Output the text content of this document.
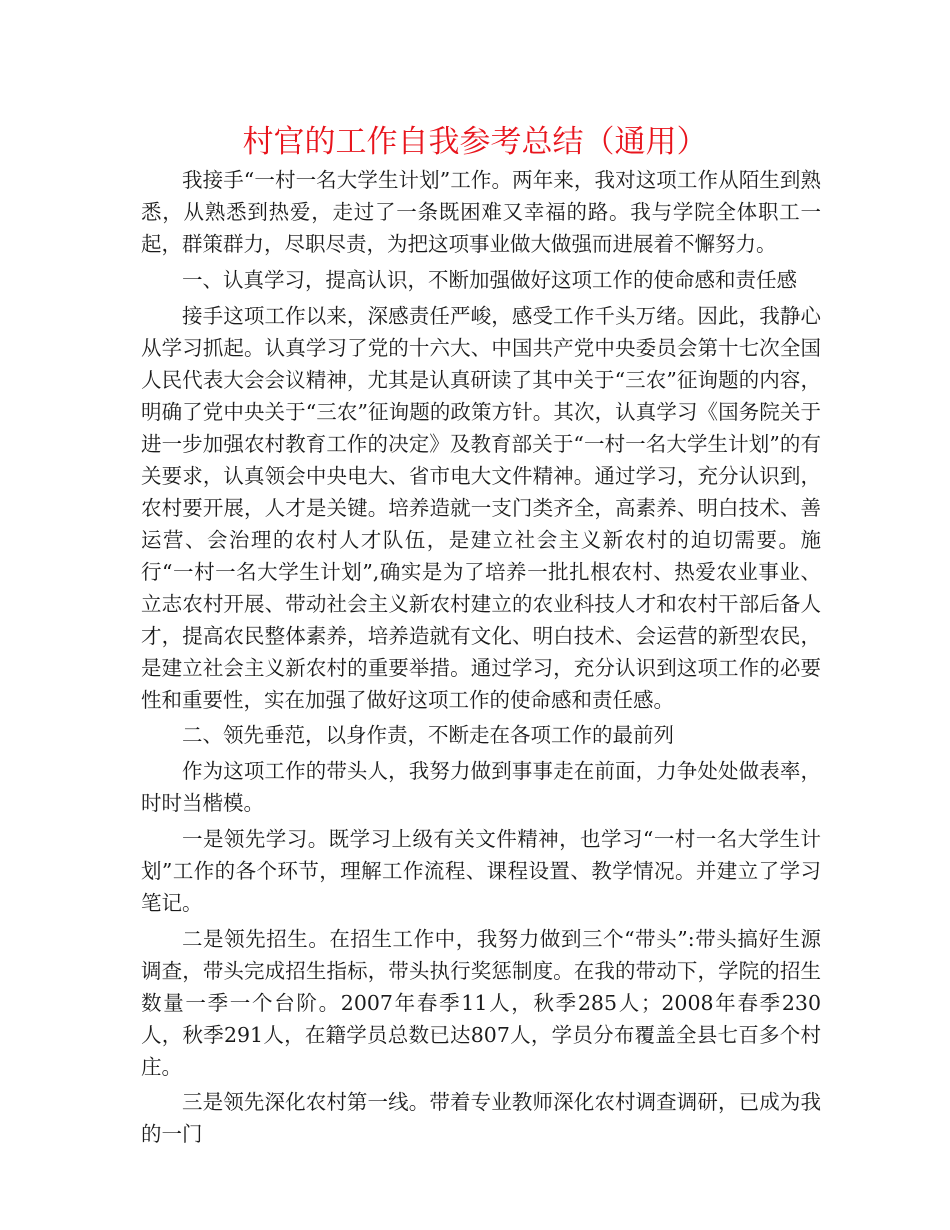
村官的工作自我参考总结（通用）

我接手“一村一名大学生计划”工作。两年来，我对这项工作从陌生到熟悉，从熟悉到热爱，走过了一条既困难又幸福的路。我与学院全体职工一起，群策群力，尽职尽责，为把这项事业做大做强而进展着不懈努力。

一、认真学习，提高认识，不断加强做好这项工作的使命感和责任感

接手这项工作以来，深感责任严峻，感受工作千头万绪。因此，我静心从学习抓起。认真学习了党的十六大、中国共产党中央委员会第十七次全国人民代表大会会议精神，尤其是认真研读了其中关于“三农”征询题的内容，明确了党中央关于“三农”征询题的政策方针。其次，认真学习《国务院关于进一步加强农村教育工作的决定》及教育部关于“一村一名大学生计划”的有关要求，认真领会中央电大、省市电大文件精神。通过学习，充分认识到，农村要开展，人才是关键。培养造就一支门类齐全，高素养、明白技术、善运营、会治理的农村人才队伍，是建立社会主义新农村的迫切需要。施行“一村一名大学生计划”,确实是为了培养一批扎根农村、热爱农业事业、立志农村开展、带动社会主义新农村建立的农业科技人才和农村干部后备人才，提高农民整体素养，培养造就有文化、明白技术、会运营的新型农民，是建立社会主义新农村的重要举措。通过学习，充分认识到这项工作的必要性和重要性，实在加强了做好这项工作的使命感和责任感。

二、领先垂范，以身作责，不断走在各项工作的最前列

作为这项工作的带头人，我努力做到事事走在前面，力争处处做表率，时时当楷模。

一是领先学习。既学习上级有关文件精神，也学习“一村一名大学生计划”工作的各个环节，理解工作流程、课程设置、教学情况。并建立了学习笔记。

二是领先招生。在招生工作中，我努力做到三个“带头”:带头搞好生源调查，带头完成招生指标，带头执行奖惩制度。在我的带动下，学院的招生数量一季一个台阶。2007年春季11人，秋季285人；2008年春季230人，秋季291人，在籍学员总数已达807人，学员分布覆盖全县七百多个村庄。

三是领先深化农村第一线。带着专业教师深化农村调查调研，已成为我的一门
